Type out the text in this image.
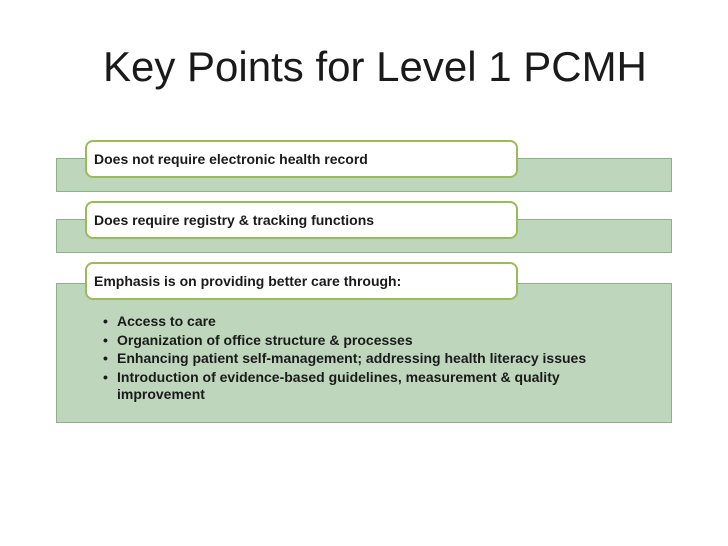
Key Points for Level 1 PCMH
Does not require electronic health record
Does require registry & tracking functions
Emphasis is on providing better care through:
• Access to care
• Organization of office structure & processes
• Enhancing patient self-management; addressing health literacy issues
• Introduction of evidence-based guidelines, measurement & quality improvement
